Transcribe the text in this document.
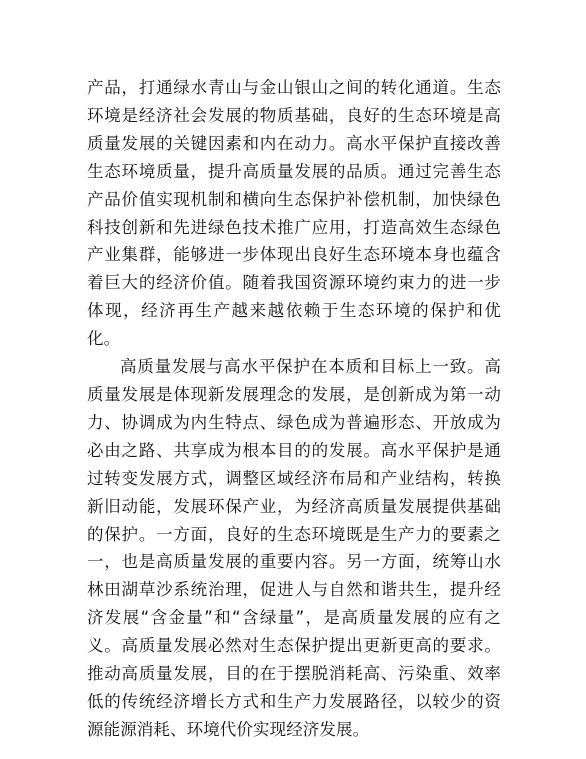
产品，打通绿水青山与金山银山之间的转化通道。生态环境是经济社会发展的物质基础，良好的生态环境是高质量发展的关键因素和内在动力。高水平保护直接改善生态环境质量，提升高质量发展的品质。通过完善生态产品价值实现机制和横向生态保护补偿机制，加快绿色科技创新和先进绿色技术推广应用，打造高效生态绿色产业集群，能够进一步体现出良好生态环境本身也蕴含着巨大的经济价值。随着我国资源环境约束力的进一步体现，经济再生产越来越依赖于生态环境的保护和优化。

高质量发展与高水平保护在本质和目标上一致。高质量发展是体现新发展理念的发展，是创新成为第一动力、协调成为内生特点、绿色成为普遍形态、开放成为必由之路、共享成为根本目的的发展。高水平保护是通过转变发展方式，调整区域经济布局和产业结构，转换新旧动能，发展环保产业，为经济高质量发展提供基础的保护。一方面，良好的生态环境既是生产力的要素之一，也是高质量发展的重要内容。另一方面，统筹山水林田湖草沙系统治理，促进人与自然和谐共生，提升经济发展“含金量”和“含绿量”，是高质量发展的应有之义。高质量发展必然对生态保护提出更新更高的要求。推动高质量发展，目的在于摆脱消耗高、污染重、效率低的传统经济增长方式和生产力发展路径，以较少的资源能源消耗、环境代价实现经济发展。
